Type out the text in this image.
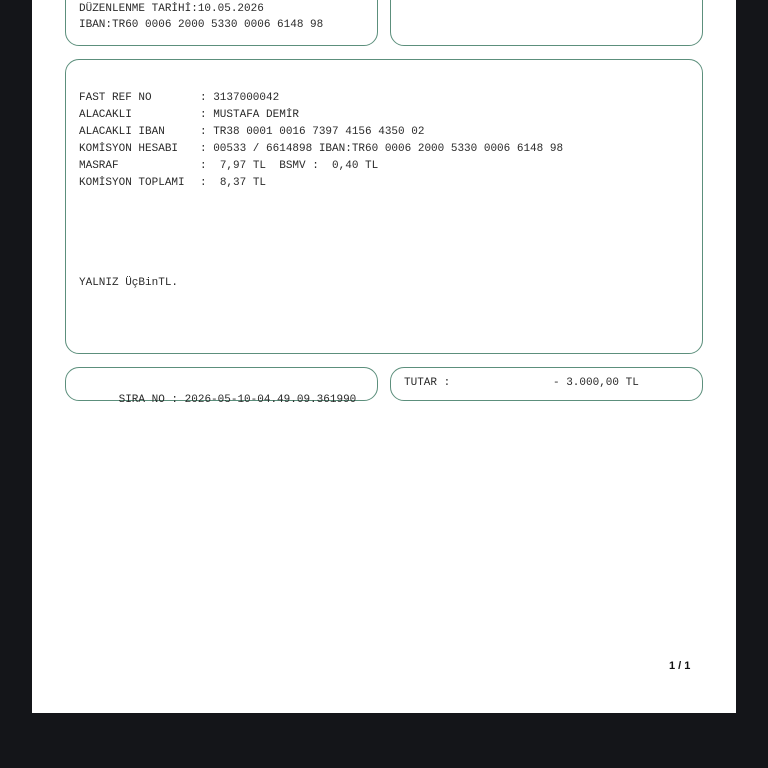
DÜZENLENME TARİHİ:10.05.2026
IBAN:TR60 0006 2000 5330 0006 6148 98
FAST REF NO	: 3137000042
ALACAKLI	: MUSTAFA DEMİR
ALACAKLI IBAN	: TR38 0001 0016 7397 4156 4350 02
KOMİSYON HESABI : 00533 / 6614898 IBAN:TR60 0006 2000 5330 0006 6148 98
MASRAF	:  7,97 TL  BSMV :  0,40 TL
KOMİSYON TOPLAMI :  8,37 TL
YALNIZ ÜçBinTL.

SIRA NO : 2026-05-10-04.49.09.361990

TUTAR :	- 3.000,00 TL
1 / 1
